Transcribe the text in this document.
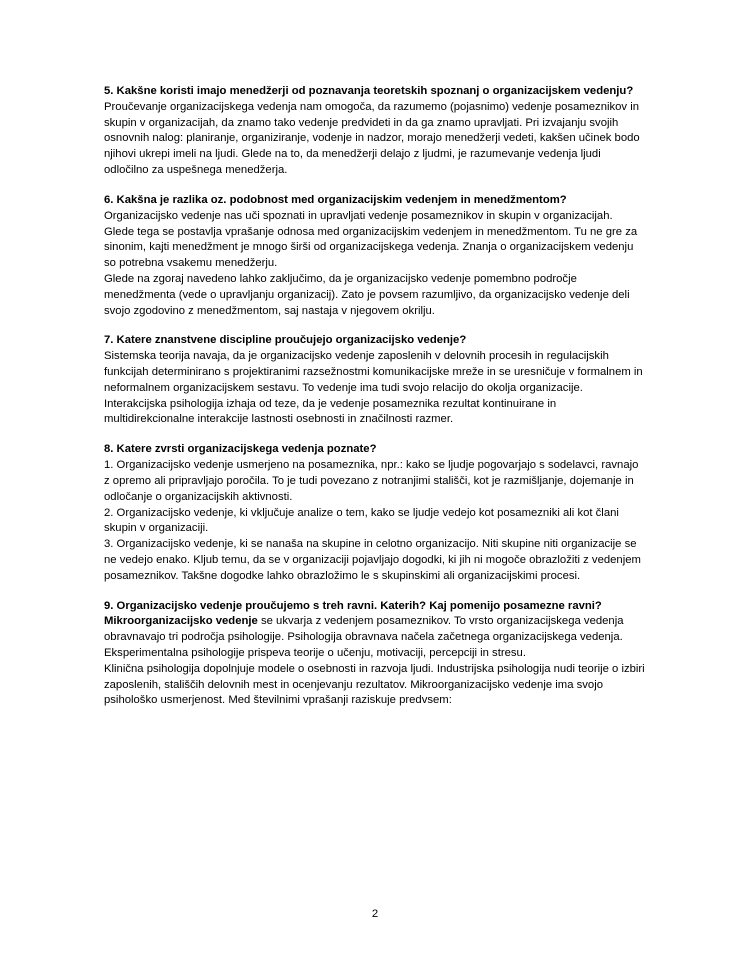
5. Kakšne koristi imajo menedžerji od poznavanja teoretskih spoznanj o organizacijskem vedenju?

Proučevanje organizacijskega vedenja nam omogoča, da razumemo (pojasnimo) vedenje posameznikov in skupin v organizacijah, da znamo tako vedenje predvideti in da ga znamo upravljati. Pri izvajanju svojih osnovnih nalog: planiranje, organiziranje, vodenje in nadzor, morajo menedžerji vedeti, kakšen učinek bodo njihovi ukrepi imeli na ljudi. Glede na to, da menedžerji delajo z ljudmi, je razumevanje vedenja ljudi odločilno za uspešnega menedžerja.

6. Kakšna je razlika oz. podobnost med organizacijskim vedenjem in menedžmentom?

Organizacijsko vedenje nas uči spoznati in upravljati vedenje posameznikov in skupin v organizacijah.

Glede tega se postavlja vprašanje odnosa med organizacijskim vedenjem in menedžmentom. Tu ne gre za sinonim, kajti menedžment je mnogo širši od organizacijskega vedenja. Znanja o organizacijskem vedenju so potrebna vsakemu menedžerju.

Glede na zgoraj navedeno lahko zaključimo, da je organizacijsko vedenje pomembno področje menedžmenta (vede o upravljanju organizacij). Zato je povsem razumljivo, da organizacijsko vedenje deli svojo zgodovino z menedžmentom, saj nastaja v njegovem okrilju.

7. Katere znanstvene discipline proučujejo organizacijsko vedenje?

Sistemska teorija navaja, da je organizacijsko vedenje zaposlenih v delovnih procesih in regulacijskih funkcijah determinirano s projektiranimi razsežnostmi komunikacijske mreže in se uresničuje v formalnem in neformalnem organizacijskem sestavu. To vedenje ima tudi svojo relacijo do okolja organizacije.

Interakcijska psihologija izhaja od teze, da je vedenje posameznika rezultat kontinuirane in multidirekcionalne interakcije lastnosti osebnosti in značilnosti razmer.

8. Katere zvrsti organizacijskega vedenja poznate?

1. Organizacijsko vedenje usmerjeno na posameznika, npr.: kako se ljudje pogovarjajo s sodelavci, ravnajo z opremo ali pripravljajo poročila. To je tudi povezano z notranjimi stališči, kot je razmišljanje, dojemanje in odločanje o organizacijskih aktivnosti.

2. Organizacijsko vedenje, ki vključuje analize o tem, kako se ljudje vedejo kot posamezniki ali kot člani skupin v organizaciji.

3. Organizacijsko vedenje, ki se nanaša na skupine in celotno organizacijo. Niti skupine niti organizacije se ne vedejo enako. Kljub temu, da se v organizaciji pojavljajo dogodki, ki jih ni mogoče obrazložiti z vedenjem posameznikov. Takšne dogodke lahko obrazložimo le s skupinskimi ali organizacijskimi procesi.

9. Organizacijsko vedenje proučujemo s treh ravni. Katerih? Kaj pomenijo posamezne ravni?

Mikroorganizacijsko vedenje se ukvarja z vedenjem posameznikov. To vrsto organizacijskega vedenja obravnavajo tri področja psihologije. Psihologija obravnava načela začetnega organizacijskega vedenja.

Eksperimentalna psihologije prispeva teorije o učenju, motivaciji, percepciji in stresu.

Klinična psihologija dopolnjuje modele o osebnosti in razvoja ljudi. Industrijska psihologija nudi teorije o izbiri zaposlenih, stališčih delovnih mest in ocenjevanju rezultatov. Mikroorganizacijsko vedenje ima svojo psihološko usmerjenost. Med številnimi vprašanji raziskuje predvsem:

2
